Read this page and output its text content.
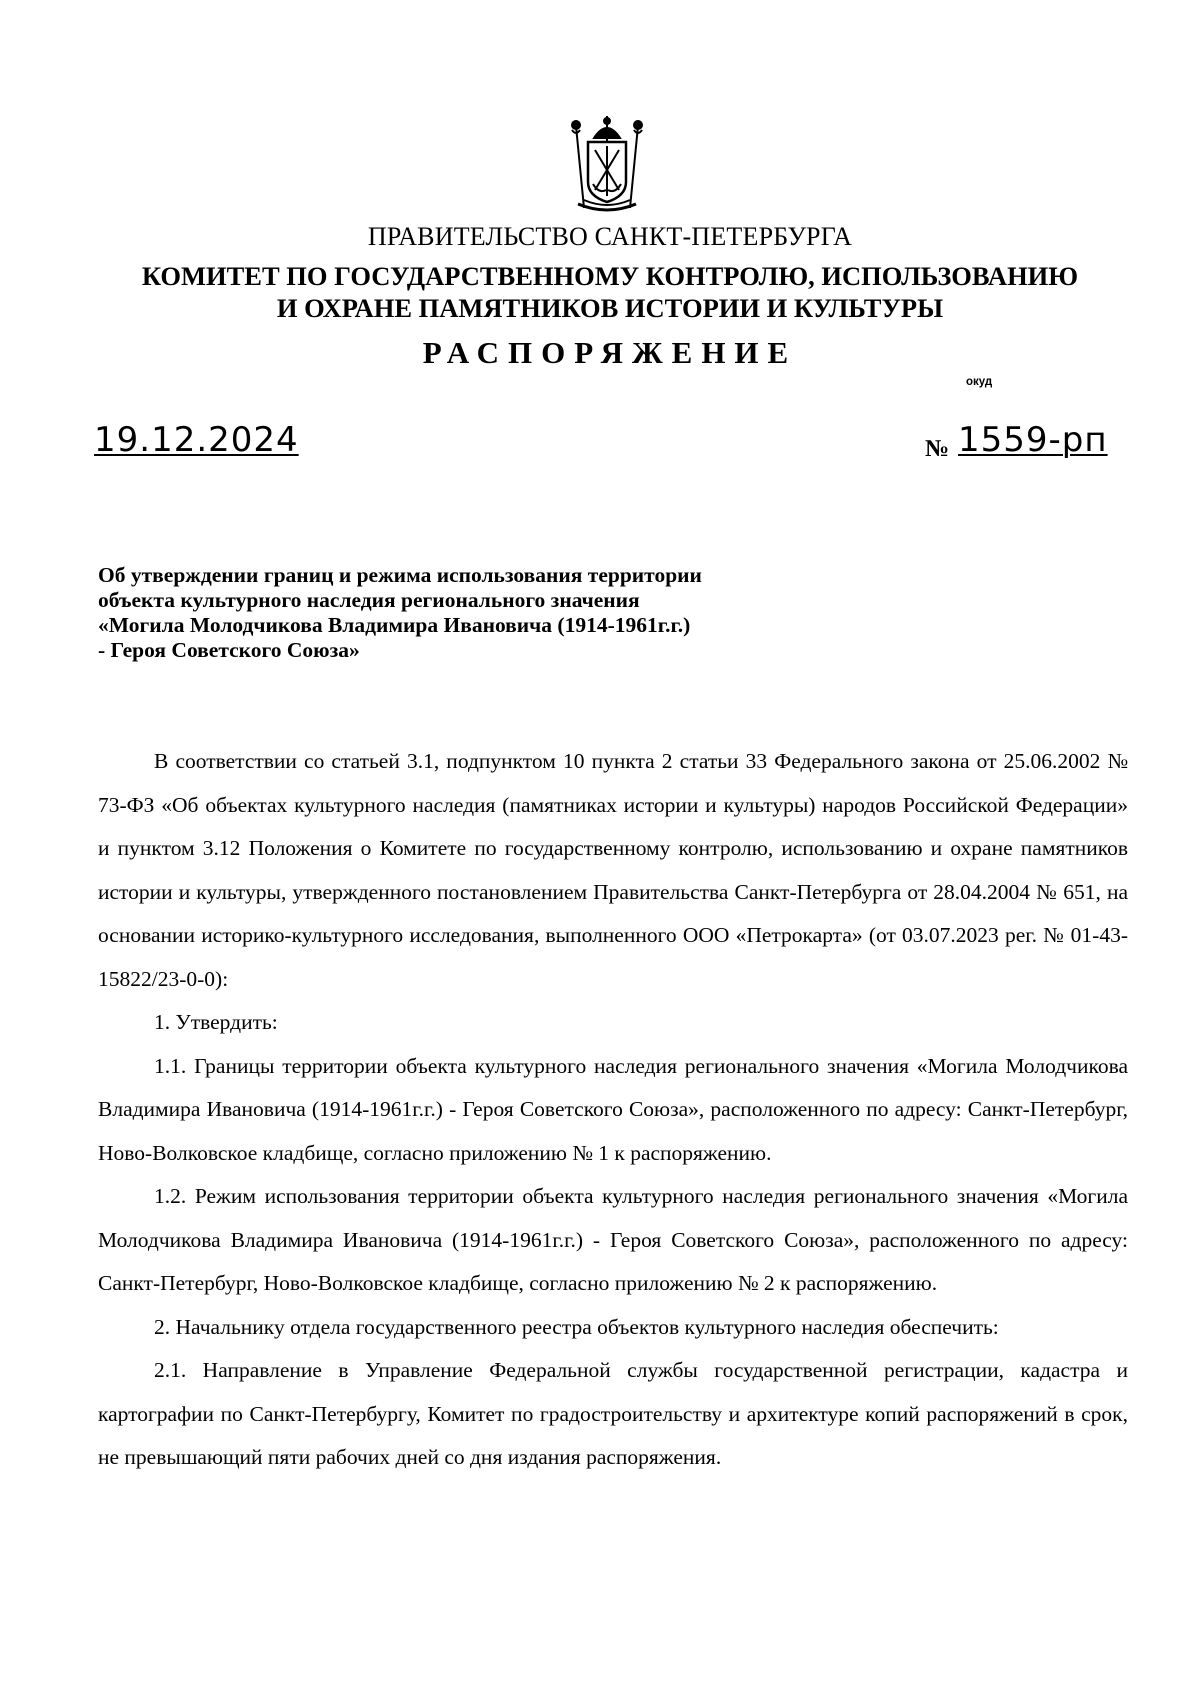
ПРАВИТЕЛЬСТВО САНКТ-ПЕТЕРБУРГА
КОМИТЕТ ПО ГОСУДАРСТВЕННОМУ КОНТРОЛЮ, ИСПОЛЬЗОВАНИЮ
И ОХРАНЕ ПАМЯТНИКОВ ИСТОРИИ И КУЛЬТУРЫ
РАСПОРЯЖЕНИЕ
окуд
19.12.2024	№ 1559-рп
Об утверждении границ и режима использования территории
объекта культурного наследия регионального значения
«Могила Молодчикова Владимира Ивановича (1914-1961г.г.)
- Героя Советского Союза»

В соответствии со статьей 3.1, подпунктом 10 пункта 2 статьи 33 Федерального закона от 25.06.2002 № 73-ФЗ «Об объектах культурного наследия (памятниках истории и культуры) народов Российской Федерации» и пунктом 3.12 Положения о Комитете по государственному контролю, использованию и охране памятников истории и культуры, утвержденного постановлением Правительства Санкт-Петербурга от 28.04.2004 № 651, на основании историко-культурного исследования, выполненного ООО «Петрокарта» (от 03.07.2023 рег. № 01-43-15822/23-0-0):

1. Утвердить:

1.1. Границы территории объекта культурного наследия регионального значения «Могила Молодчикова Владимира Ивановича (1914-1961г.г.) - Героя Советского Союза», расположенного по адресу: Санкт-Петербург, Ново-Волковское кладбище, согласно приложению № 1 к распоряжению.

1.2. Режим использования территории объекта культурного наследия регионального значения «Могила Молодчикова Владимира Ивановича (1914-1961г.г.) - Героя Советского Союза», расположенного по адресу: Санкт-Петербург, Ново-Волковское кладбище, согласно приложению № 2 к распоряжению.

2. Начальнику отдела государственного реестра объектов культурного наследия обеспечить:

2.1. Направление в Управление Федеральной службы государственной регистрации, кадастра и картографии по Санкт-Петербургу, Комитет по градостроительству и архитектуре копий распоряжений в срок, не превышающий пяти рабочих дней со дня издания распоряжения.
